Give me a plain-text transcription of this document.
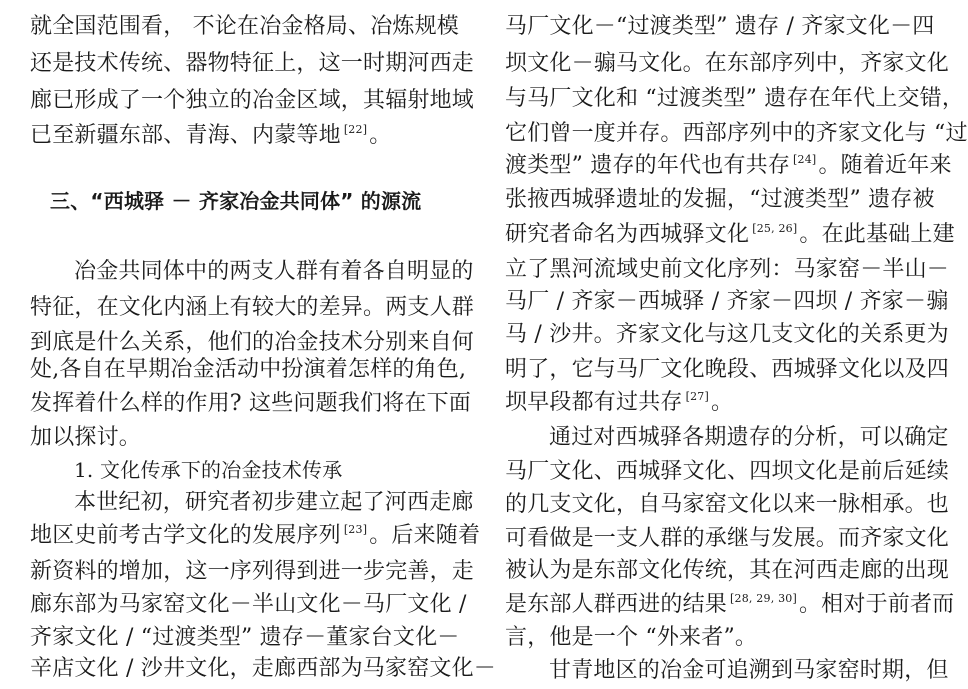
就全国范围看， 不论在冶金格局、冶炼规模
还是技术传统、器物特征上，这一时期河西走
廊已形成了一个独立的冶金区域，其辐射地域
已至新疆东部、青海、内蒙等地 [22]。
三、“西城驿 － 齐家冶金共同体” 的源流
冶金共同体中的两支人群有着各自明显的
特征，在文化内涵上有较大的差异。两支人群
到底是什么关系，他们的冶金技术分别来自何
处,各自在早期冶金活动中扮演着怎样的角色,
发挥着什么样的作用? 这些问题我们将在下面
加以探讨。
1. 文化传承下的冶金技术传承
本世纪初，研究者初步建立起了河西走廊
地区史前考古学文化的发展序列 [23]。后来随着
新资料的增加，这一序列得到进一步完善，走
廊东部为马家窑文化－半山文化－马厂文化 /
齐家文化 / “过渡类型” 遗存－董家台文化－
辛店文化 / 沙井文化，走廊西部为马家窑文化－
马厂文化－“过渡类型” 遗存 / 齐家文化－四
坝文化－骟马文化。在东部序列中，齐家文化
与马厂文化和 “过渡类型” 遗存在年代上交错，
它们曾一度并存。西部序列中的齐家文化与 “过
渡类型” 遗存的年代也有共存 [24]。随着近年来
张掖西城驿遗址的发掘，“过渡类型” 遗存被
研究者命名为西城驿文化 [25, 26]。在此基础上建
立了黑河流域史前文化序列：马家窑－半山－
马厂 / 齐家－西城驿 / 齐家－四坝 / 齐家－骟
马 / 沙井。齐家文化与这几支文化的关系更为
明了，它与马厂文化晚段、西城驿文化以及四
坝早段都有过共存 [27]。
通过对西城驿各期遗存的分析，可以确定
马厂文化、西城驿文化、四坝文化是前后延续
的几支文化，自马家窑文化以来一脉相承。也
可看做是一支人群的承继与发展。而齐家文化
被认为是东部文化传统，其在河西走廊的出现
是东部人群西进的结果 [28, 29, 30]。相对于前者而
言，他是一个 “外来者”。
甘青地区的冶金可追溯到马家窑时期，但
